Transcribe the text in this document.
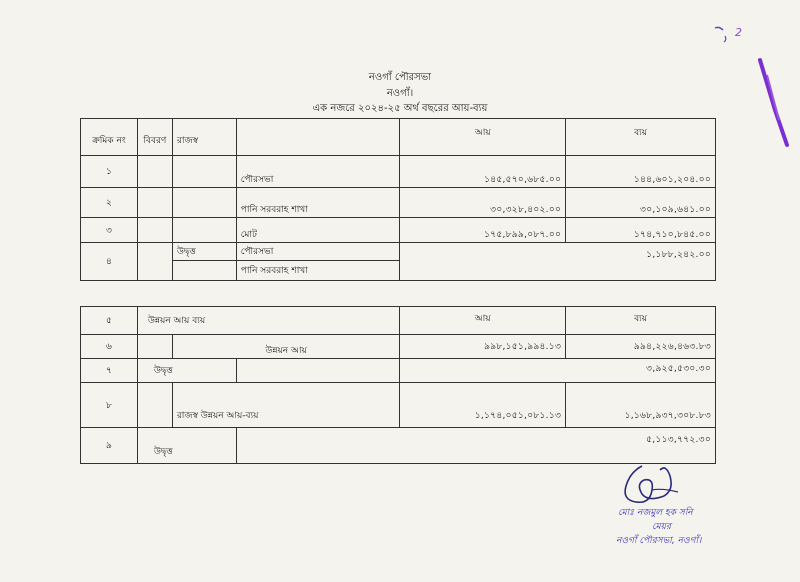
নওগাঁ পৌরসভা
নওগাঁ।
এক নজরে ২০২৪-২৫ অর্থ বছরের আয়-ব্যয়
2
ক্রমিক নং	বিবরণ	রাজস্ব		আয়	ব্যয়
১			পৌরসভা	১৪৫,৫৭০,৬৮৫.০০	১৪৪,৬০১,২০৪.০০
২			পানি সরবরাহ শাখা	৩০,৩২৮,৪০২.০০	৩০,১০৯,৬৪১.০০
৩			মোট	১৭৫,৮৯৯,০৮৭.০০	১৭৪,৭১০,৮৪৫.০০
৪		উদ্বৃত্ত	পৌরসভা	১,১৮৮,২৪২.০০	
			পানি সরবরাহ শাখা		
৫	উন্নয়ন আয় ব্যয়			আয়	ব্যয়
৬		উন্নয়ন আয়		৯৯৮,১৫১,৯৯৪.১৩	৯৯৪,২২৬,৪৬৩.৮৩
৭	উদ্বৃত্ত			৩,৯২৫,৫৩০.৩০	
৮		রাজস্ব উন্নয়ন আয়-ব্যয়		১,১৭৪,০৫১,০৮১.১৩	১,১৬৮,৯৩৭,৩০৮.৮৩
৯	উদ্বৃত্ত		৫,১১৩,৭৭২.৩০		
মোঃ নজমুল হক সনি
মেয়র
নওগাঁ পৌরসভা, নওগাঁ।
